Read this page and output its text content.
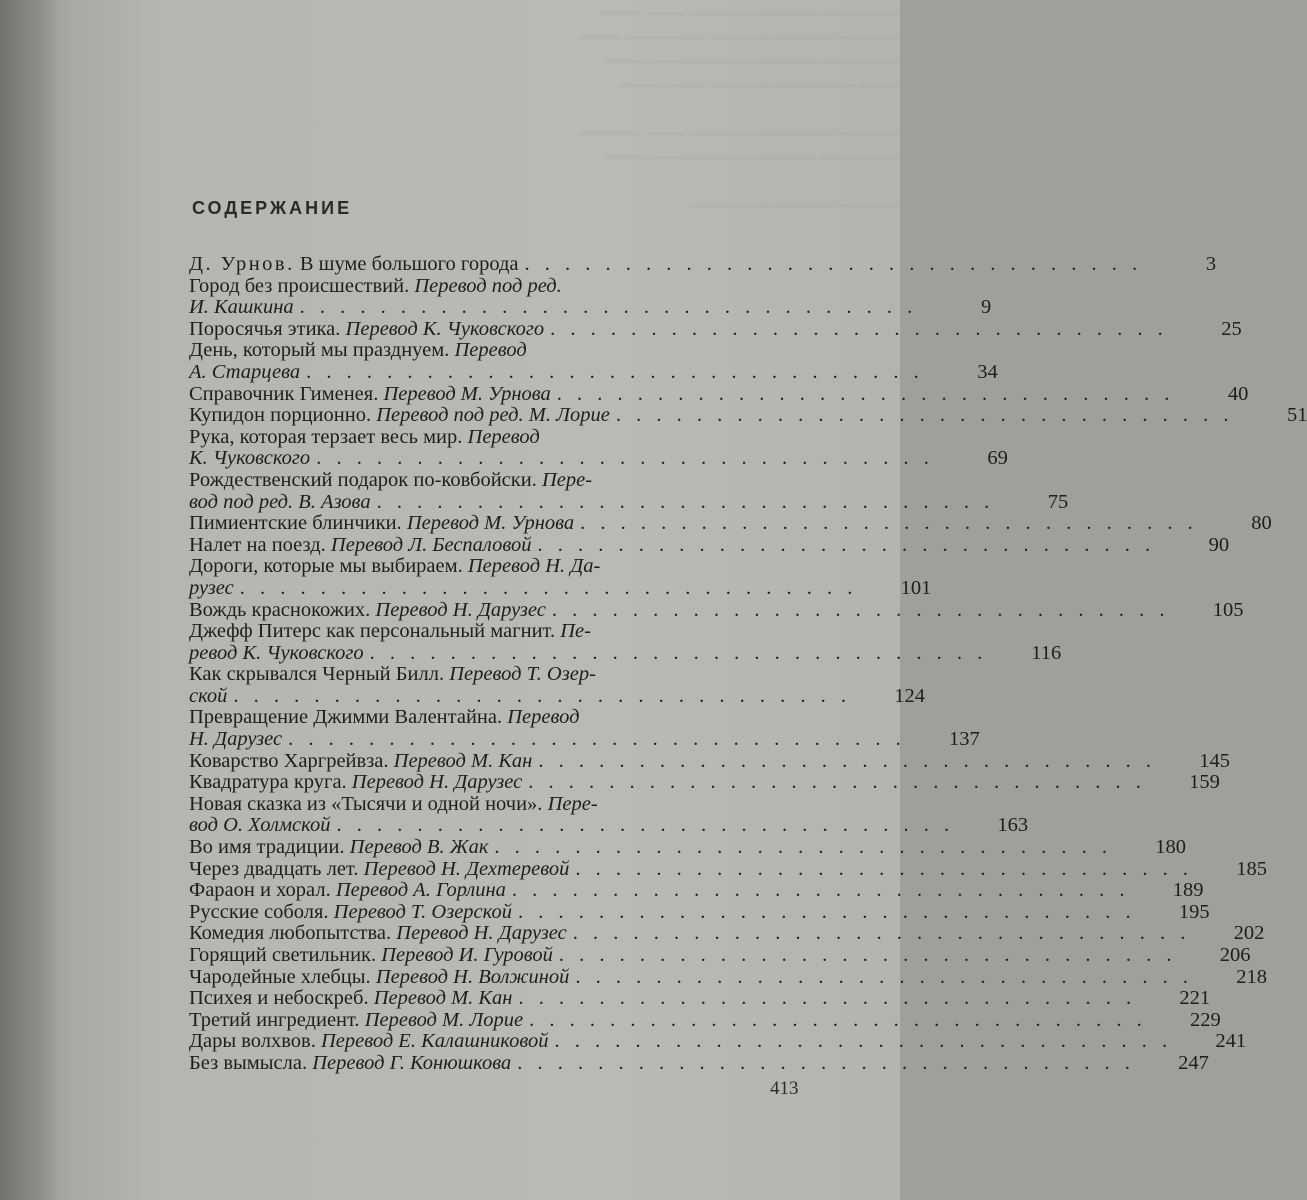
———— ——— ——— —— ——
——— ——— ——— ———— ——
———— ——— ————— ——
—— ———— ——— —— ——

——— ———— ——— —— ———
———— ——— ————— ——

——— ——— ————
СОДЕРЖАНИЕ
Д. Урнов. В шуме большого города . . . . . . . . . . . . . . . . . . . . . . . . . . . . . . .	3
Город без происшествий. Перевод под ред.
И. Кашкина . . . . . . . . . . . . . . . . . . . . . . . . . . . . . . .	9
Поросячья этика. Перевод К. Чуковского . . . . . . . . . . . . . . . . . . . . . . . . . . . . . . .	25
День, который мы празднуем. Перевод
А. Старцева . . . . . . . . . . . . . . . . . . . . . . . . . . . . . . .	34
Справочник Гименея. Перевод М. Урнова . . . . . . . . . . . . . . . . . . . . . . . . . . . . . . .	40
Купидон порционно. Перевод под ред. М. Лорие . . . . . . . . . . . . . . . . . . . . . . . . . . . . . . .	51
Рука, которая терзает весь мир. Перевод
К. Чуковского . . . . . . . . . . . . . . . . . . . . . . . . . . . . . . .	69
Рождественский подарок по-ковбойски. Пере-
вод под ред. В. Азова . . . . . . . . . . . . . . . . . . . . . . . . . . . . . . .	75
Пимиентские блинчики. Перевод М. Урнова . . . . . . . . . . . . . . . . . . . . . . . . . . . . . . .	80
Налет на поезд. Перевод Л. Беспаловой . . . . . . . . . . . . . . . . . . . . . . . . . . . . . . .	90
Дороги, которые мы выбираем. Перевод Н. Да-
рузес . . . . . . . . . . . . . . . . . . . . . . . . . . . . . . .	101
Вождь краснокожих. Перевод Н. Дарузес . . . . . . . . . . . . . . . . . . . . . . . . . . . . . . .	105
Джефф Питерс как персональный магнит. Пе-
ревод К. Чуковского . . . . . . . . . . . . . . . . . . . . . . . . . . . . . . .	116
Как скрывался Черный Билл. Перевод Т. Озер-
ской . . . . . . . . . . . . . . . . . . . . . . . . . . . . . . .	124
Превращение Джимми Валентайна. Перевод
Н. Дарузес . . . . . . . . . . . . . . . . . . . . . . . . . . . . . . .	137
Коварство Харгрейвза. Перевод М. Кан . . . . . . . . . . . . . . . . . . . . . . . . . . . . . . .	145
Квадратура круга. Перевод Н. Дарузес . . . . . . . . . . . . . . . . . . . . . . . . . . . . . . .	159
Новая сказка из «Тысячи и одной ночи». Пере-
вод О. Холмской . . . . . . . . . . . . . . . . . . . . . . . . . . . . . . .	163
Во имя традиции. Перевод В. Жак . . . . . . . . . . . . . . . . . . . . . . . . . . . . . . .	180
Через двадцать лет. Перевод Н. Дехтеревой . . . . . . . . . . . . . . . . . . . . . . . . . . . . . . .	185
Фараон и хорал. Перевод А. Горлина . . . . . . . . . . . . . . . . . . . . . . . . . . . . . . .	189
Русские соболя. Перевод Т. Озерской . . . . . . . . . . . . . . . . . . . . . . . . . . . . . . .	195
Комедия любопытства. Перевод Н. Дарузес . . . . . . . . . . . . . . . . . . . . . . . . . . . . . . .	202
Горящий светильник. Перевод И. Гуровой . . . . . . . . . . . . . . . . . . . . . . . . . . . . . . .	206
Чародейные хлебцы. Перевод Н. Волжиной . . . . . . . . . . . . . . . . . . . . . . . . . . . . . . .	218
Психея и небоскреб. Перевод М. Кан . . . . . . . . . . . . . . . . . . . . . . . . . . . . . . .	221
Третий ингредиент. Перевод М. Лорие . . . . . . . . . . . . . . . . . . . . . . . . . . . . . . .	229
Дары волхвов. Перевод Е. Калашниковой . . . . . . . . . . . . . . . . . . . . . . . . . . . . . . .	241
Без вымысла. Перевод Г. Конюшкова . . . . . . . . . . . . . . . . . . . . . . . . . . . . . . .	247
413
